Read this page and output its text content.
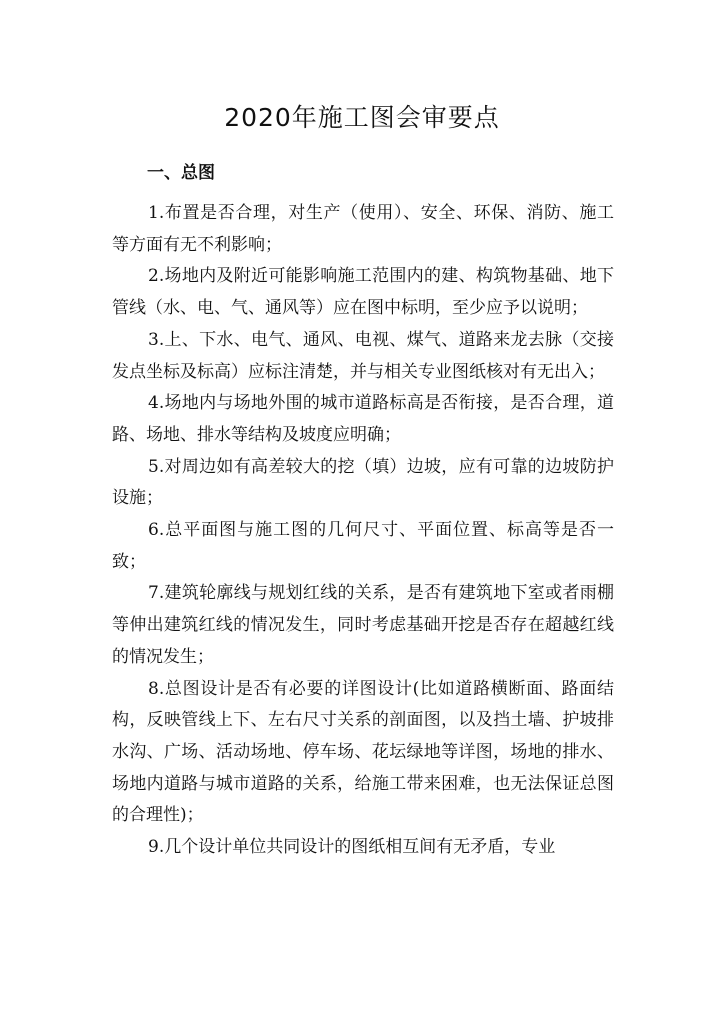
2020年施工图会审要点
一、总图

1.布置是否合理，对生产（使用）、安全、环保、消防、施工等方面有无不利影响；

2.场地内及附近可能影响施工范围内的建、构筑物基础、地下管线（水、电、气、通风等）应在图中标明，至少应予以说明；

3.上、下水、电气、通风、电视、煤气、道路来龙去脉（交接发点坐标及标高）应标注清楚，并与相关专业图纸核对有无出入；

4.场地内与场地外围的城市道路标高是否衔接，是否合理，道路、场地、排水等结构及坡度应明确；

5.对周边如有高差较大的挖（填）边坡，应有可靠的边坡防护设施；

6.总平面图与施工图的几何尺寸、平面位置、标高等是否一致；

7.建筑轮廓线与规划红线的关系，是否有建筑地下室或者雨棚等伸出建筑红线的情况发生，同时考虑基础开挖是否存在超越红线的情况发生；

8.总图设计是否有必要的详图设计(比如道路横断面、路面结构，反映管线上下、左右尺寸关系的剖面图，以及挡土墙、护坡排水沟、广场、活动场地、停车场、花坛绿地等详图，场地的排水、场地内道路与城市道路的关系，给施工带来困难，也无法保证总图的合理性)；

9.几个设计单位共同设计的图纸相互间有无矛盾，专业
